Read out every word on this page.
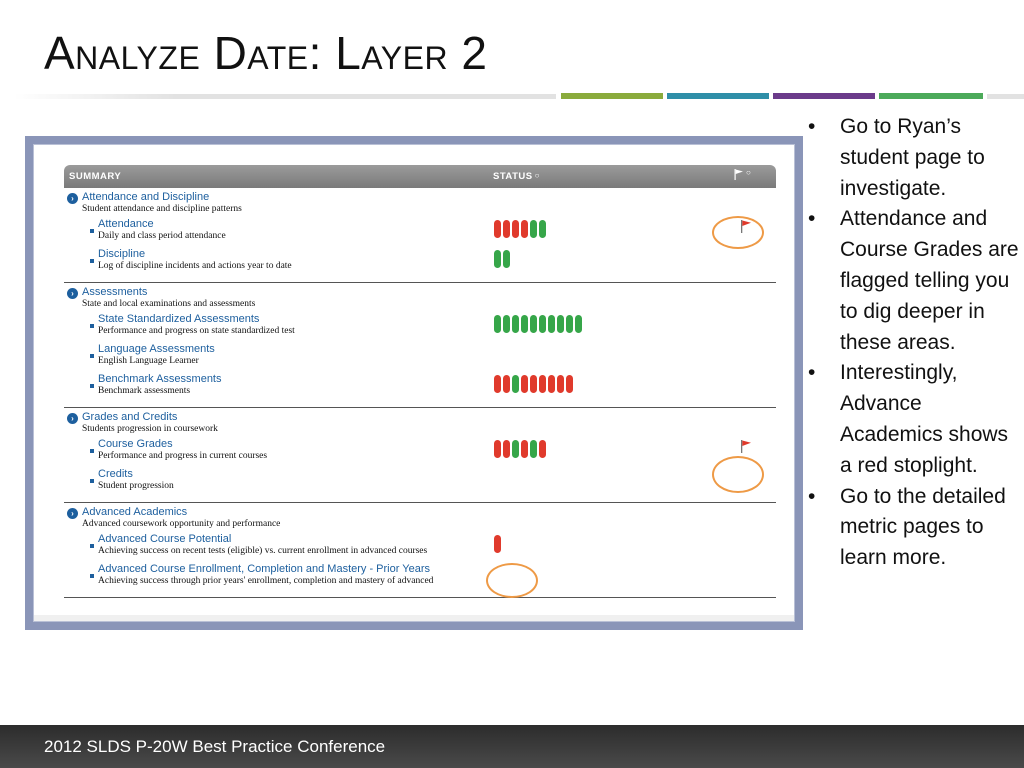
Analyze Date: Layer 2
SUMMARY	STATUS ○	○
› Attendance and Discipline
Student attendance and discipline patterns
Attendance
Daily and class period attendance
Discipline
Log of discipline incidents and actions year to date
› Assessments
State and local examinations and assessments
State Standardized Assessments
Performance and progress on state standardized test
Language Assessments
English Language Learner
Benchmark Assessments
Benchmark assessments
› Grades and Credits
Students progression in coursework
Course Grades
Performance and progress in current courses
Credits
Student progression
› Advanced Academics
Advanced coursework opportunity and performance
Advanced Course Potential
Achieving success on recent tests (eligible) vs. current enrollment in advanced courses
Advanced Course Enrollment, Completion and Mastery - Prior Years
Achieving success through prior years' enrollment, completion and mastery of advanced
• Go to Ryan’s student page to investigate.
• Attendance and Course Grades are flagged telling you to dig deeper in these areas.
• Interestingly, Advance Academics shows a red stoplight.
• Go to the detailed metric pages to learn more.
2012 SLDS P-20W Best Practice Conference
